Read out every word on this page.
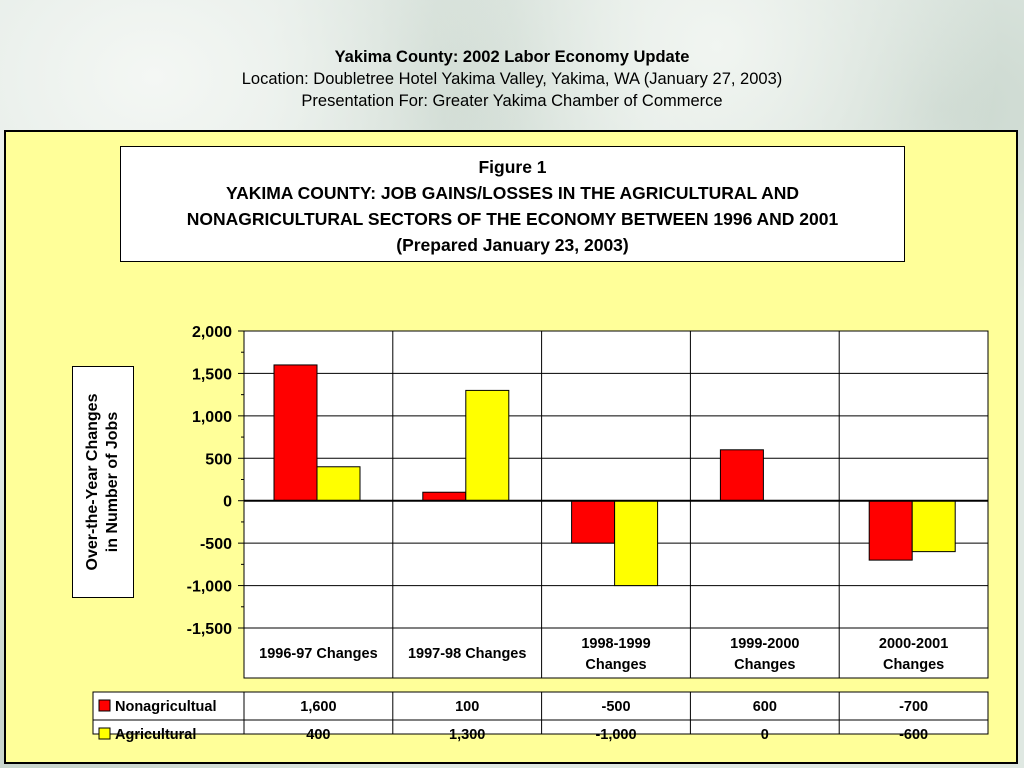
Yakima County: 2002 Labor Economy Update
Location: Doubletree Hotel Yakima Valley, Yakima, WA (January 27, 2003)
Presentation For: Greater Yakima Chamber of Commerce
Figure 1
YAKIMA COUNTY: JOB GAINS/LOSSES IN THE AGRICULTURAL AND
NONAGRICULTURAL SECTORS OF THE ECONOMY BETWEEN 1996 AND 2001
(Prepared January 23, 2003)
Over-the-Year Changes in Number of Jobs
2,000
1,500
1,000
500
0
-500
-1,000
-1,500
1996-97 Changes 1997-98 Changes
1998-1999
Changes
1999-2000
Changes
2000-2001
Changes
Nonagricultual	1,600	100	-500	600	-700
Agricultural	400	1,300	-1,000	0	-600
